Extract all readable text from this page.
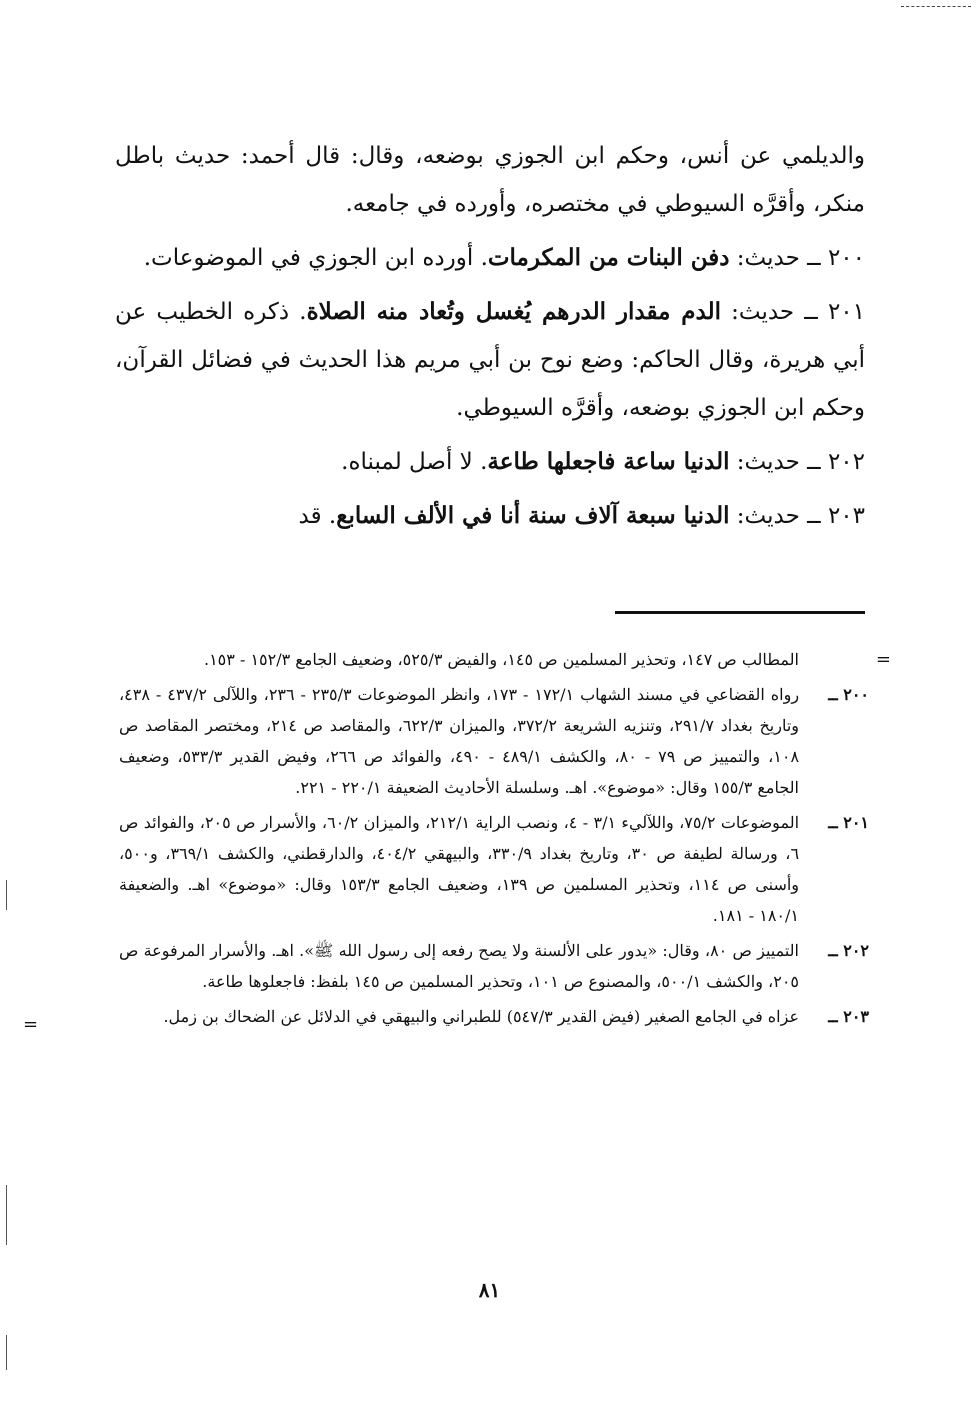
والديلمي عن أنس، وحكم ابن الجوزي بوضعه، وقال: قال أحمد: حديث باطل منكر، وأقرَّه السيوطي في مختصره، وأورده في جامعه.

٢٠٠ ــ حديث: دفن البنات من المكرمات. أورده ابن الجوزي في الموضوعات.

٢٠١ ــ حديث: الدم مقدار الدرهم يُغسل وتُعاد منه الصلاة. ذكره الخطيب عن أبي هريرة، وقال الحاكم: وضع نوح بن أبي مريم هذا الحديث في فضائل القرآن، وحكم ابن الجوزي بوضعه، وأقرَّه السيوطي.

٢٠٢ ــ حديث: الدنيا ساعة فاجعلها طاعة. لا أصل لمبناه.

٢٠٣ ــ حديث: الدنيا سبعة آلاف سنة أنا في الألف السابع. قد

=
المطالب ص ١٤٧، وتحذير المسلمين ص ١٤٥، والفيض ٥٢٥/٣، وضعيف الجامع ١٥٢/٣ - ١٥٣.
٢٠٠ ــ
رواه القضاعي في مسند الشهاب ١٧٢/١ - ١٧٣، وانظر الموضوعات ٢٣٥/٣ - ٢٣٦، واللآلى ٤٣٧/٢ - ٤٣٨، وتاريخ بغداد ٢٩١/٧، وتنزيه الشريعة ٣٧٢/٢، والميزان ٦٢٢/٣، والمقاصد ص ٢١٤، ومختصر المقاصد ص ١٠٨، والتمييز ص ٧٩ - ٨٠، والكشف ٤٨٩/١ - ٤٩٠، والفوائد ص ٢٦٦، وفيض القدير ٥٣٣/٣، وضعيف الجامع ١٥٥/٣ وقال: «موضوع». اهـ. وسلسلة الأحاديث الضعيفة ٢٢٠/١ - ٢٢١.
٢٠١ ــ
الموضوعات ٧٥/٢، واللآليء ٣/١ - ٤، ونصب الراية ٢١٢/١، والميزان ٦٠/٢، والأسرار ص ٢٠٥، والفوائد ص ٦، ورسالة لطيفة ص ٣٠، وتاريخ بغداد ٣٣٠/٩، والبيهقي ٤٠٤/٢، والدارقطني، والكشف ٣٦٩/١، و٥٠٠، وأسنى ص ١١٤، وتحذير المسلمين ص ١٣٩، وضعيف الجامع ١٥٣/٣ وقال: «موضوع» اهـ. والضعيفة ١٨٠/١ - ١٨١.
٢٠٢ ــ
التمييز ص ٨٠، وقال: «يدور على الألسنة ولا يصح رفعه إلى رسول الله ﷺ». اهـ. والأسرار المرفوعة ص ٢٠٥، والكشف ٥٠٠/١، والمصنوع ص ١٠١، وتحذير المسلمين ص ١٤٥ بلفظ: فاجعلوها طاعة.
٢٠٣ ــ
عزاه في الجامع الصغير (فيض القدير ٥٤٧/٣) للطبراني والبيهقي في الدلائل عن الضحاك بن زمل.
=
٨١
